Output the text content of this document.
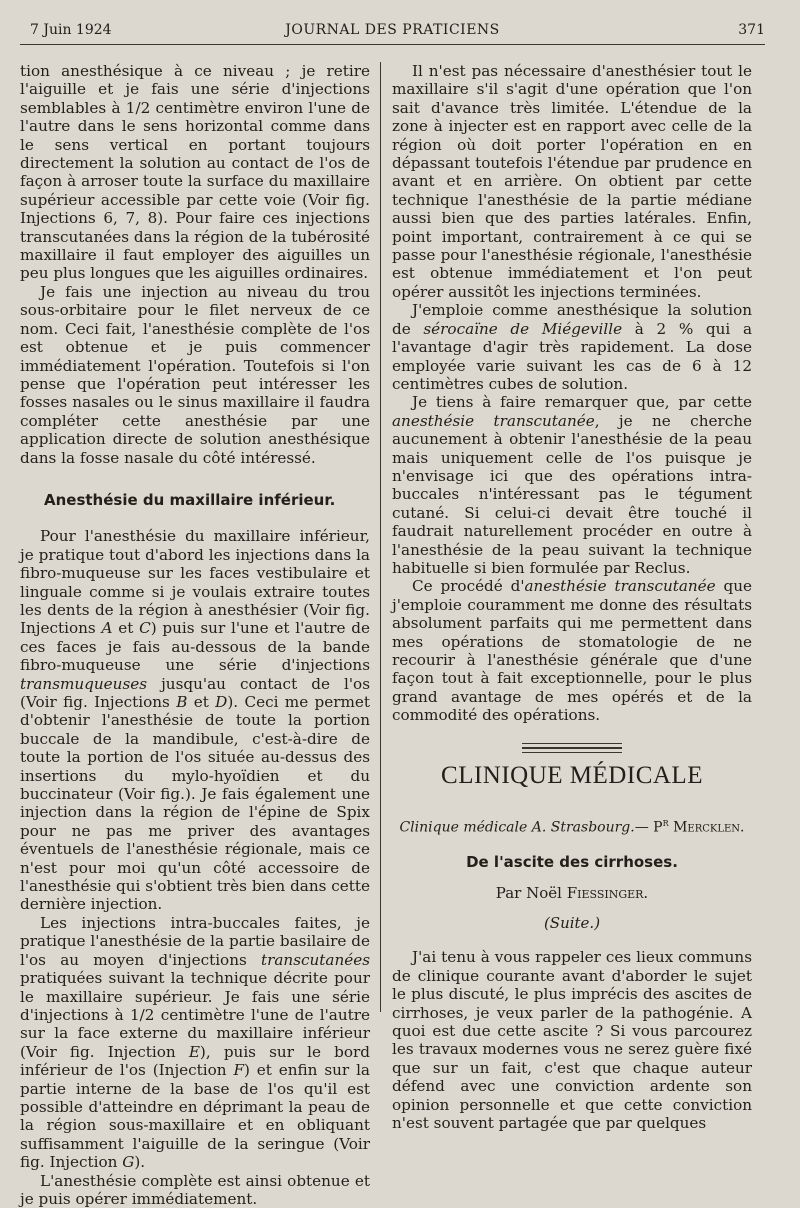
7 Juin 1924	JOURNAL DES PRATICIENS	371

tion anesthésique à ce niveau ; je retire l'aiguille et je fais une série d'injections semblables à 1/2 centimètre environ l'une de l'autre dans le sens horizontal comme dans le sens vertical en portant toujours directement la solution au contact de l'os de façon à arroser toute la surface du maxillaire supérieur accessible par cette voie (Voir fig. Injections 6, 7, 8). Pour faire ces injections transcutanées dans la région de la tubérosité maxillaire il faut employer des aiguilles un peu plus longues que les aiguilles ordinaires.

Je fais une injection au niveau du trou sous-orbitaire pour le filet nerveux de ce nom. Ceci fait, l'anesthésie complète de l'os est obtenue et je puis commencer immédiatement l'opération. Toutefois si l'on pense que l'opération peut intéresser les fosses nasales ou le sinus maxillaire il faudra compléter cette anesthésie par une application directe de solution anesthésique dans la fosse nasale du côté intéressé.

Anesthésie du maxillaire inférieur.

Pour l'anesthésie du maxillaire inférieur, je pratique tout d'abord les injections dans la fibro-muqueuse sur les faces vestibulaire et linguale comme si je voulais extraire toutes les dents de la région à anesthésier (Voir fig. Injections A et C) puis sur l'une et l'autre de ces faces je fais au-dessous de la bande fibro-muqueuse une série d'injections transmuqueuses jusqu'au contact de l'os (Voir fig. Injections B et D). Ceci me permet d'obtenir l'anesthésie de toute la portion buccale de la mandibule, c'est-à-dire de toute la portion de l'os située au-dessus des insertions du mylo-hyoïdien et du buccinateur (Voir fig.). Je fais également une injection dans la région de l'épine de Spix pour ne pas me priver des avantages éventuels de l'anesthésie régionale, mais ce n'est pour moi qu'un côté accessoire de l'anesthésie qui s'obtient très bien dans cette dernière injection.

Les injections intra-buccales faites, je pratique l'anesthésie de la partie basilaire de l'os au moyen d'injections transcutanées pratiquées suivant la technique décrite pour le maxillaire supérieur. Je fais une série d'injections à 1/2 centimètre l'une de l'autre sur la face externe du maxillaire inférieur (Voir fig. Injection E), puis sur le bord inférieur de l'os (Injection F) et enfin sur la partie interne de la base de l'os qu'il est possible d'atteindre en déprimant la peau de la région sous-maxillaire et en obliquant suffisamment l'aiguille de la seringue (Voir fig. Injection G).

L'anesthésie complète est ainsi obtenue et je puis opérer immédiatement.

Il n'est pas nécessaire d'anesthésier tout le maxillaire s'il s'agit d'une opération que l'on sait d'avance très limitée. L'étendue de la zone à injecter est en rapport avec celle de la région où doit porter l'opération en en dépassant toutefois l'étendue par prudence en avant et en arrière. On obtient par cette technique l'anesthésie de la partie médiane aussi bien que des parties latérales. Enfin, point important, contrairement à ce qui se passe pour l'anesthésie régionale, l'anesthésie est obtenue immédiatement et l'on peut opérer aussitôt les injections terminées.

J'emploie comme anesthésique la solution de sérocaïne de Miégeville à 2 % qui a l'avantage d'agir très rapidement. La dose employée varie suivant les cas de 6 à 12 centimètres cubes de solution.

Je tiens à faire remarquer que, par cette anesthésie transcutanée, je ne cherche aucunement à obtenir l'anesthésie de la peau mais uniquement celle de l'os puisque je n'envisage ici que des opérations intra-buccales n'intéressant pas le tégument cutané. Si celui-ci devait être touché il faudrait naturellement procéder en outre à l'anesthésie de la peau suivant la technique habituelle si bien formulée par Reclus.

Ce procédé d'anesthésie transcutanée que j'emploie couramment me donne des résultats absolument parfaits qui me permettent dans mes opérations de stomatologie de ne recourir à l'anesthésie générale que d'une façon tout à fait exceptionnelle, pour le plus grand avantage de mes opérés et de la commodité des opérations.

CLINIQUE MÉDICALE
Clinique médicale A. Strasbourg.— $P^r$ Mercklen.
De l'ascite des cirrhoses.
Par Noël Fiessinger.
(Suite.)

J'ai tenu à vous rappeler ces lieux communs de clinique courante avant d'aborder le sujet le plus discuté, le plus imprécis des ascites de cirrhoses, je veux parler de la pathogénie. A quoi est due cette ascite ? Si vous parcourez les travaux modernes vous ne serez guère fixé que sur un fait, c'est que chaque auteur défend avec une conviction ardente son opinion personnelle et que cette conviction n'est souvent partagée que par quelques
